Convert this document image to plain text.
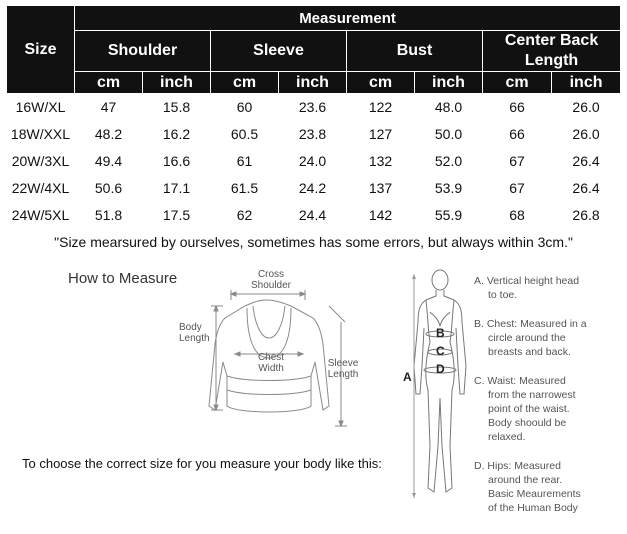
Size	Measurement							
	Shoulder		Sleeve		Bust		Center Back Length	
	cm	inch	cm	inch	cm	inch	cm	inch
16W/XL	47	15.8	60	23.6	122	48.0	66	26.0
18W/XXL	48.2	16.2	60.5	23.8	127	50.0	66	26.0
20W/3XL	49.4	16.6	61	24.0	132	52.0	67	26.4
22W/4XL	50.6	17.1	61.5	24.2	137	53.9	67	26.4
24W/5XL	51.8	17.5	62	24.4	142	55.9	68	26.8
"Size mearsured by ourselves, sometimes has some errors, but always within 3cm."								
How to Measure	Cross
Shoulder
Body
Length
Chest
Width	Sleeve
Length
To choose the correct size for you measure your body like this:
B
C
D
A
A. Vertical height head
to toe.
B. Chest: Measured in a
circle around the
breasts and back.
C. Waist: Measured
from the narrowest
point of the waist.
Body shoould be
relaxed.
D. Hips: Measured
around the rear.
Basic Meaurements
of the Human Body
